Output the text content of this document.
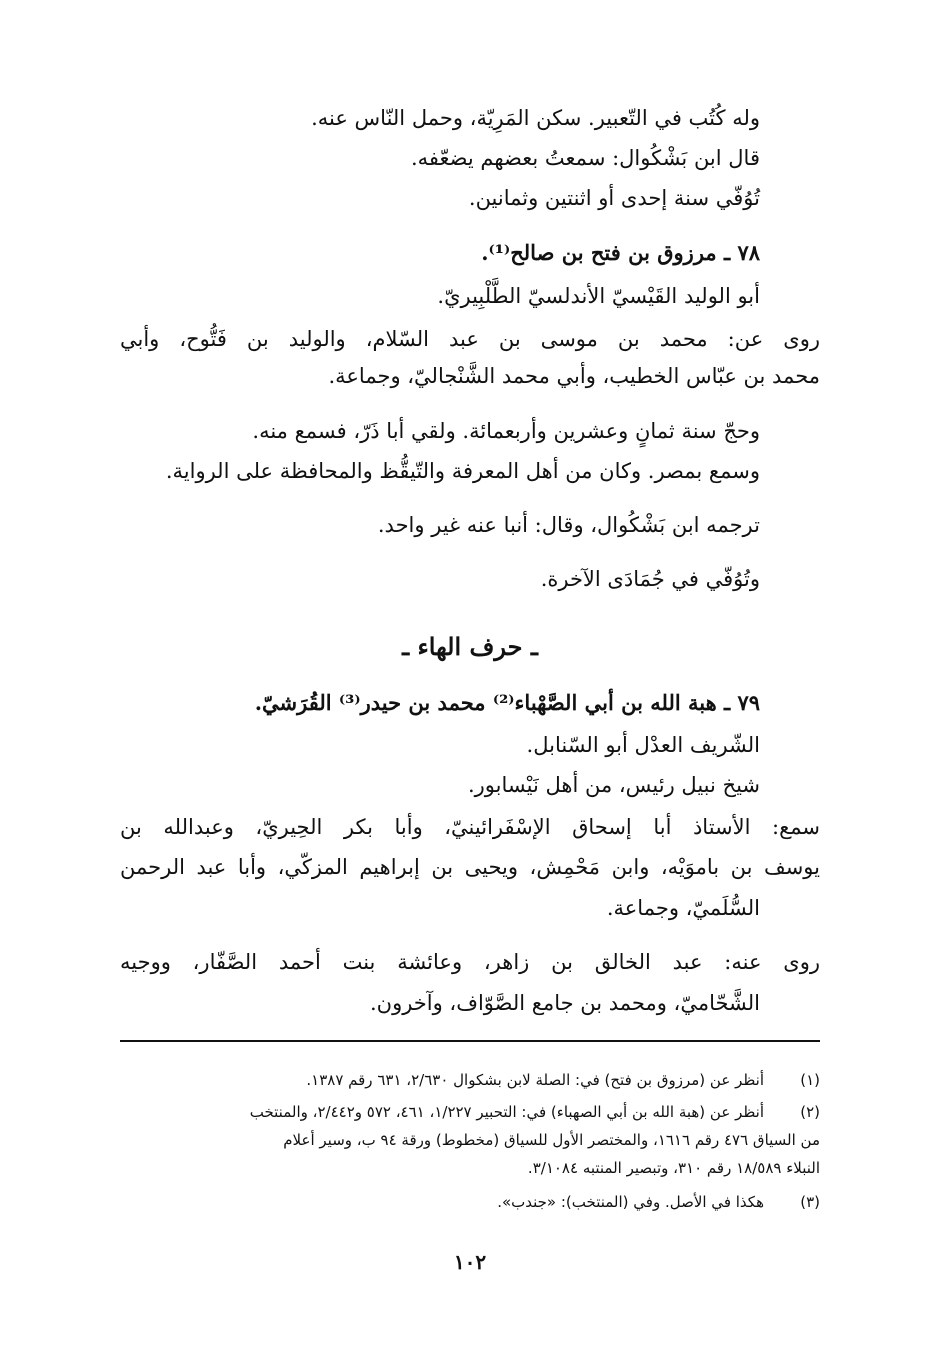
وله كُتُب في التّعبير. سكن المَرِيّة، وحمل النّاس عنه.
قال ابن بَشْكُوال: سمعتُ بعضهم يضعّفه.
تُوُفّي سنة إحدى أو اثنتين وثمانين.
٧٨ ـ مرزوق بن فتح بن صالح⁽¹⁾.
أبو الوليد القَيْسيّ الأندلسيّ الطَّلْبِيريّ.
روى عن: محمد بن موسى بن عبد السّلام، والوليد بن فَتُّوح، وأبي
محمد بن عبّاس الخطيب، وأبي محمد الشَّنْجاليّ، وجماعة.
وحجّ سنة ثمانٍ وعشرين وأربعمائة. ولقي أبا ذَرّ، فسمع منه.
وسمع بمصر. وكان من أهل المعرفة والتّيقُّظ والمحافظة على الرواية.
ترجمه ابن بَشْكُوال، وقال: أنبا عنه غير واحد.
وتُوُفّي في جُمَادَى الآخرة.
ـ حرف الهاء ـ
٧٩ ـ هبة الله بن أبي الصَّهْباء⁽²⁾ محمد بن حيدر⁽³⁾ القُرَشيّ.
الشّريف العدْل أبو السّنابل.
شيخ نبيل رئيس، من أهل نَيْسابور.
سمع: الأستاذ أبا إسحاق الإسْفَرائينيّ، وأبا بكر الحِيريّ، وعبدالله بن
يوسف بن باموَيْه، وابن مَحْمِش، ويحيى بن إبراهيم المزكّي، وأبا عبد الرحمن
السُّلَميّ، وجماعة.
روى عنه: عبد الخالق بن زاهر، وعائشة بنت أحمد الصَّفّار، ووجيه
الشَّحّاميّ، ومحمد بن جامع الصَّوّاف، وآخرون.
(١)
أنظر عن (مرزوق بن فتح) في: الصلة لابن بشكوال ٢/٦٣٠، ٦٣١ رقم ١٣٨٧.
(٢)
أنظر عن (هبة الله بن أبي الصهباء) في: التحبير ١/٢٢٧، ٤٦١، ٥٧٢ و٢/٤٤٢، والمنتخب
من السياق ٤٧٦ رقم ١٦١٦، والمختصر الأول للسياق (مخطوط) ورقة ٩٤ ب، وسير أعلام
النبلاء ١٨/٥٨٩ رقم ٣١٠، وتبصير المنتبه ٣/١٠٨٤.
(٣)
هكذا في الأصل. وفي (المنتخب): «جندب».
١٠٢
